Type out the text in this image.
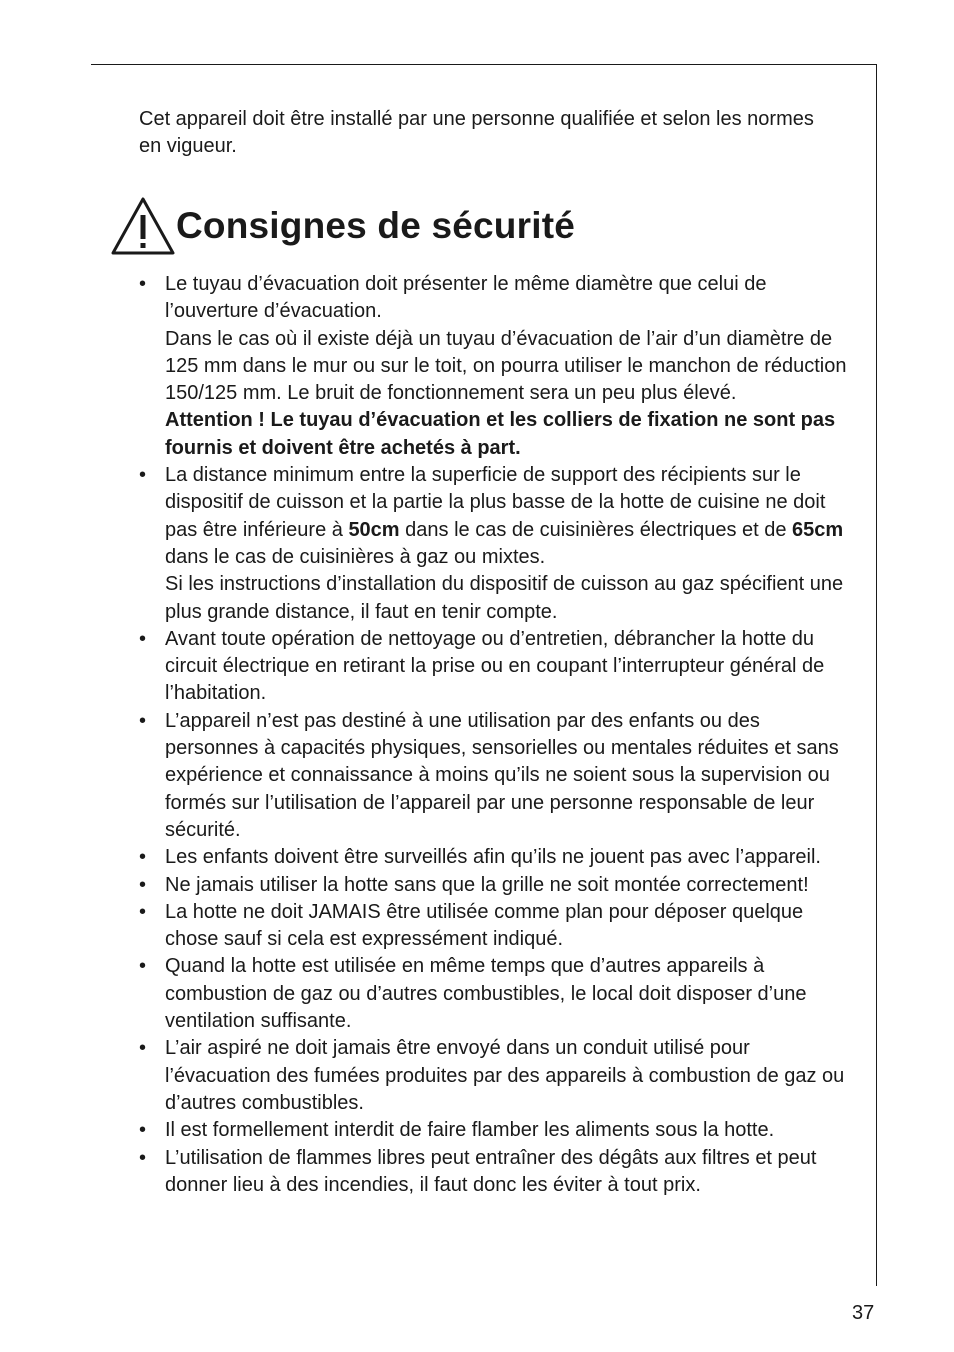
Cet appareil doit être installé par une personne qualifiée et selon les normes en vigueur.

Consignes de sécurité

• Le tuyau d’évacuation doit présenter le même diamètre que celui de l’ouverture d’évacuation.

Dans le cas où il existe déjà un tuyau d’évacuation de l’air d’un diamètre de 125 mm dans le mur ou sur le toit, on pourra utiliser le manchon de réduction 150/125 mm. Le bruit de fonctionnement sera un peu plus élevé.

Attention ! Le tuyau d’évacuation et les colliers de fixation ne sont pas fournis et doivent être achetés à part.

• La distance minimum entre la superficie de support des récipients sur le dispositif de cuisson et la partie la plus basse de la hotte de cuisine ne doit pas être inférieure à 50cm dans le cas de cuisinières électriques et de 65cm dans le cas de cuisinières à gaz ou mixtes.

Si les instructions d’installation du dispositif de cuisson au gaz spécifient une plus grande distance, il faut en tenir compte.

• Avant toute opération de nettoyage ou d’entretien, débrancher la hotte du circuit électrique en retirant la prise ou en coupant l’interrupteur général de l’habitation.
• L’appareil n’est pas destiné à une utilisation par des enfants ou des personnes à capacités physiques, sensorielles ou mentales réduites et sans expérience et connaissance à moins qu’ils ne soient sous la supervision ou formés sur l’utilisation de l’appareil par une personne responsable de leur sécurité.
• Les enfants doivent être surveillés afin qu’ils ne jouent pas avec l’appareil.
• Ne jamais utiliser la hotte sans que la grille ne soit montée correctement!
• La hotte ne doit JAMAIS être utilisée comme plan pour déposer quelque chose sauf si cela est expressément indiqué.
• Quand la hotte est utilisée en même temps que d’autres appareils à combustion de gaz ou d’autres combustibles, le local doit disposer d’une ventilation suffisante.
• L’air aspiré ne doit jamais être envoyé dans un conduit utilisé pour l’évacuation des fumées produites par des appareils à combustion de gaz ou d’autres combustibles.
• Il est formellement interdit de faire flamber les aliments sous la hotte.
• L’utilisation de flammes libres peut entraîner des dégâts aux filtres et peut donner lieu à des incendies, il faut donc les éviter à tout prix.
37
